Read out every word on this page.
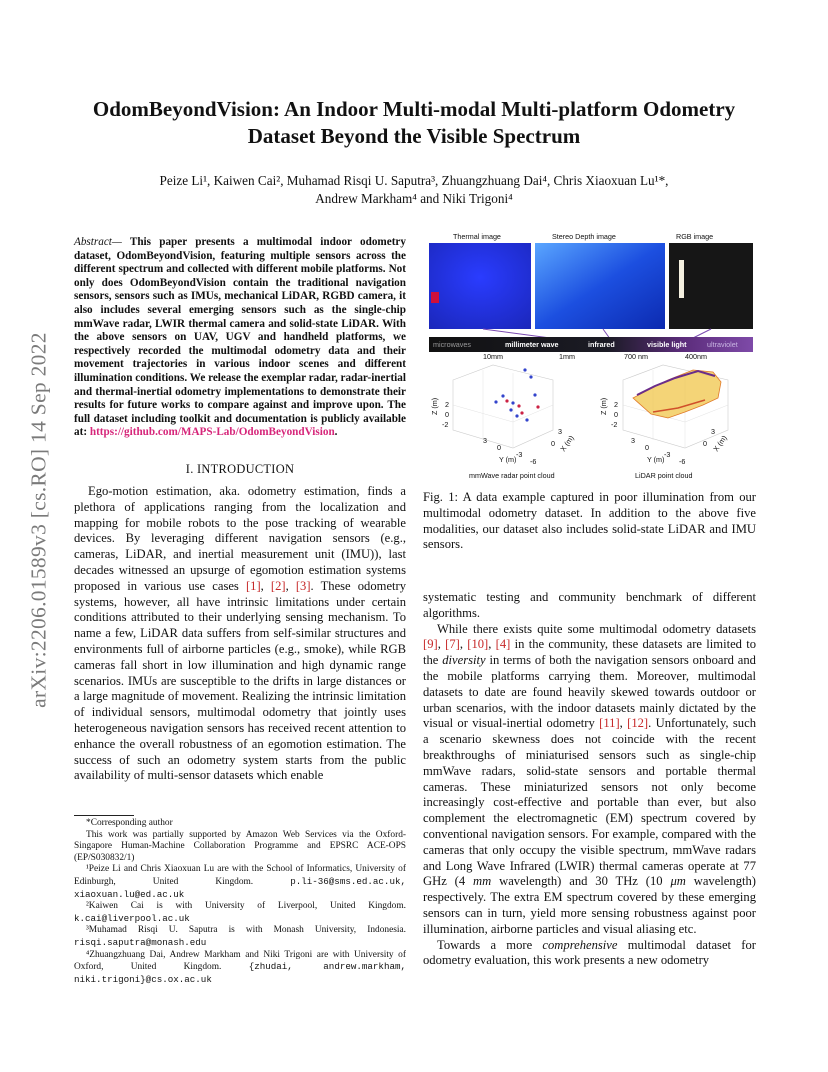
OdomBeyondVision: An Indoor Multi-modal Multi-platform Odometry
Dataset Beyond the Visible Spectrum
Peize Li¹, Kaiwen Cai², Muhamad Risqi U. Saputra³, Zhuangzhuang Dai⁴, Chris Xiaoxuan Lu¹*,
Andrew Markham⁴ and Niki Trigoni⁴
arXiv:2206.01589v3 [cs.RO] 14 Sep 2022
Abstract— This paper presents a multimodal indoor odometry dataset, OdomBeyondVision, featuring multiple sensors across the different spectrum and collected with different mobile platforms. Not only does OdomBeyondVision contain the traditional navigation sensors, sensors such as IMUs, mechanical LiDAR, RGBD camera, it also includes several emerging sensors such as the single-chip mmWave radar, LWIR thermal camera and solid-state LiDAR. With the above sensors on UAV, UGV and handheld platforms, we respectively recorded the multimodal odometry data and their movement trajectories in various indoor scenes and different illumination conditions. We release the exemplar radar, radar-inertial and thermal-inertial odometry implementations to demonstrate their results for future works to compare against and improve upon. The full dataset including toolkit and documentation is publicly available at: https://github.com/MAPS-Lab/OdomBeyondVision.
I. INTRODUCTION
Ego-motion estimation, aka. odometry estimation, finds a plethora of applications ranging from the localization and mapping for mobile robots to the pose tracking of wearable devices. By leveraging different navigation sensors (e.g., cameras, LiDAR, and inertial measurement unit (IMU)), last decades witnessed an upsurge of egomotion estimation systems proposed in various use cases [1], [2], [3]. These odometry systems, however, all have intrinsic limitations under certain conditions attributed to their underlying sensing mechanism. To name a few, LiDAR data suffers from self-similar structures and environments full of airborne particles (e.g., smoke), while RGB cameras fall short in low illumination and high dynamic range scenarios. IMUs are susceptible to the drifts in large distances or a large magnitude of movement. Realizing the intrinsic limitation of individual sensors, multimodal odometry that jointly uses heterogeneous navigation sensors has received recent attention to enhance the overall robustness of an egomotion estimation. The success of such an odometry system starts from the public availability of multi-sensor datasets which enable

*Corresponding author

This work was partially supported by Amazon Web Services via the Oxford-Singapore Human-Machine Collaboration Programme and EPSRC ACE-OPS (EP/S030832/1)

¹Peize Li and Chris Xiaoxuan Lu are with the School of Informatics, University of Edinburgh, United Kingdom. p.li-36@sms.ed.ac.uk, xiaoxuan.lu@ed.ac.uk

²Kaiwen Cai is with University of Liverpool, United Kingdom. k.cai@liverpool.ac.uk

³Muhamad Risqi U. Saputra is with Monash University, Indonesia. risqi.saputra@monash.edu

⁴Zhuangzhuang Dai, Andrew Markham and Niki Trigoni are with University of Oxford, United Kingdom. {zhudai, andrew.markham, niki.trigoni}@cs.ox.ac.uk

Thermal image	Stereo Depth image	RGB image
microwaves	millimeter wave	infrared	visible light	ultraviolet
10mm	1mm	700 nm	400nm
Z (m) 2
0
-2
3
0
-3
-6
Y (m)
3
0 X (m)
mmWave radar point cloud
Z (m) 2
0
-2
3
0
-3
-6
Y (m)
3
0 X (m)
LiDAR point cloud
Fig. 1: A data example captured in poor illumination from our multimodal odometry dataset. In addition to the above five modalities, our dataset also includes solid-state LiDAR and IMU sensors.

systematic testing and community benchmark of different algorithms.

While there exists quite some multimodal odometry datasets [9], [7], [10], [4] in the community, these datasets are limited to the diversity in terms of both the navigation sensors onboard and the mobile platforms carrying them. Moreover, multimodal datasets to date are found heavily skewed towards outdoor or urban scenarios, with the indoor datasets mainly dictated by the visual or visual-inertial odometry [11], [12]. Unfortunately, such a scenario skewness does not coincide with the recent breakthroughs of miniaturised sensors such as single-chip mmWave radars, solid-state sensors and portable thermal cameras. These miniaturized sensors not only become increasingly cost-effective and portable than ever, but also complement the electromagnetic (EM) spectrum covered by conventional navigation sensors. For example, compared with the cameras that only occupy the visible spectrum, mmWave radars and Long Wave Infrared (LWIR) thermal cameras operate at 77 GHz (4 mm wavelength) and 30 THz (10 μm wavelength) respectively. The extra EM spectrum covered by these emerging sensors can in turn, yield more sensing robustness against poor illumination, airborne particles and visual aliasing etc.

Towards a more comprehensive multimodal dataset for odometry evaluation, this work presents a new odometry
